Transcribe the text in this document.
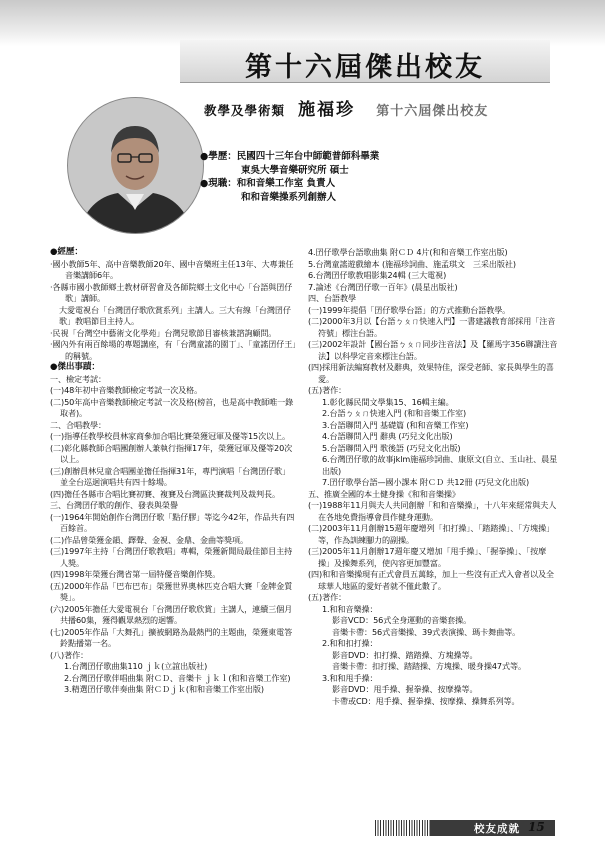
第十六屆傑出校友
教學及學術類 施福珍 第十六屆傑出校友
●學歷：民國四十三年台中師範普師科畢業
東吳大學音樂研究所 碩士
●現職：和和音樂工作室 負責人
和和音樂操系列創辦人
●經歷：
‧國小教師5年、高中音樂教師20年、國中音樂班主任13年、大專兼任音樂講師6年。
‧各縣市國小教師鄉土教材研習會及各師院鄉土文化中心「台語與囝仔歌」講師。
大愛電視台「台灣囝仔歌欣賞系列」主講人。三大有線「台灣囝仔歌」教唱節目主持人。
‧民視「台灣空中藝術文化學苑」台灣兒歌節目審核兼諮詢顧問。
‧國內外有兩百餘場的專題講座，有「台灣童謠的園丁」、「童謠囝仔王」的稱號。
●傑出事蹟：
一、檢定考試：
(一)48年初中音樂教師檢定考試一次及格。
(二)50年高中音樂教師檢定考試一次及格(榜首，也是高中教師唯一錄取者)。
二、合唱教學：
(一)指導任教學校員林家商參加合唱比賽榮獲冠軍及優等15次以上。
(二)彰化縣教師合唱團創辦人兼執行指揮17年，榮獲冠軍及優等20次以上。
(三)創辦員林兒童合唱團並擔任指揮31年，專門演唱「台灣囝仔歌」並全台巡迴演唱共有四十餘場。
(四)擔任各縣市合唱比賽初賽、複賽及台灣區決賽裁判及裁判長。
三、台灣囝仔歌的創作、發表與榮譽
(一)1964年開始創作台灣囝仔歌「點仔膠」等迄今42年，作品共有四百餘首。
(二)作品曾榮獲金韻、鐸聲、金視、金鼎、金曲等獎項。
(三)1997年主持「台灣囝仔歌教唱」專輯，榮獲新聞局最佳節目主持人獎。
(四)1998年榮獲台灣省第一屆特優音樂創作獎。
(五)2000年作品「巴布巴布」榮獲世界奧林匹克合唱大賽「金牌金質獎」。
(六)2005年擔任大愛電視台「台灣囝仔歌欣賞」主講人，連續三個月共播60集，獲得觀眾熱烈的迴響。
(七)2005年作品「大舞孔」擴被網路為最熱門的主題曲，榮獲東電答鈴點播第一名。
(八)著作：
1.台灣囝仔歌曲集110 ｊｋ(立誼出版社)
2.台灣囝仔歌伴唱曲集 附ＣＤ、音樂卡 ｊｋｌ(和和音樂工作室)
3.精選囝仔歌伴奏曲集 附ＣＤｊｋ(和和音樂工作室出版)
4.囝仔歌學台語歌曲集 附ＣＤ 4片(和和音樂工作室出版)
5.台灣童謠遊戲繪本 (施福珍詞曲、施孟琪文　三采出版社)
6.台灣囝仔歌教唱影集24輯 (三大電視)
7.論述《台灣囝仔歌一百年》(晨星出版社)
四、台語教學
(一)1999年提倡「囝仔歌學台語」的方式推動台語教學。
(二)2000年3月以【台語ㄅㄆㄇ快速入門】一書建議教育部採用「注音符號」標注台語。
(三)2002年設計【國台語ㄅㄆㄇ同步注音法】及【羅馬字356聯讀注音法】以科學定音來標注台語。
(四)採用新法編寫教材及辭典，效果特佳，深受老師、家長與學生的喜愛。
(五)著作：
1.彰化縣民間文學集15、16輯主編。
2.台語ㄅㄆㄇ快速入門 (和和音樂工作室)
3.台語聯問入門 基礎篇 (和和音樂工作室)
4.台語聯問入門 辭典 (巧兒文化出版)
5.台語聯問入門 歌後語 (巧兒文化出版)
6.台灣囝仔歌的故事jklm施福珍詞曲、康原文(自立、玉山社、晨星出版)
7.囝仔歌學台語—國小課本 附ＣＤ 共12冊 (巧兒文化出版)
五、推廣全國的本土健身操《和和音樂操》
(一)1988年11月與夫人共同創辦「和和音樂操」，十八年來經常與夫人在各地免費指導會員作健身運動。
(二)2003年11月創辦15週年慶增列「扣打操」、「踏踏操」、「方塊操」等，作為訓練腳力的副操。
(三)2005年11月創辦17週年慶又增加「甩手操」、「握拳操」、「按摩操」及操舞系列，使內容更加豐富。
(四)和和音樂操現有正式會員五萬餘，加上一些沒有正式入會者以及全球華人地區的愛好者就不僅此數了。
(五)著作：
1.和和音樂操：
影音VCD：56式全身運動的音樂套操。
音樂卡帶：56式音樂操、39式表演操、瑪卡舞曲等。
2.和和扣打操：
影音DVD：扣打操、踏踏操、方塊操等。
音樂卡帶：扣打操、踏踏操、方塊操、暖身操47式等。
3.和和甩手操：
影音DVD：甩手操、握拳操、按摩操等。
卡帶或CD：甩手操、握拳操、按摩操、操舞系列等。
校友成就 15
